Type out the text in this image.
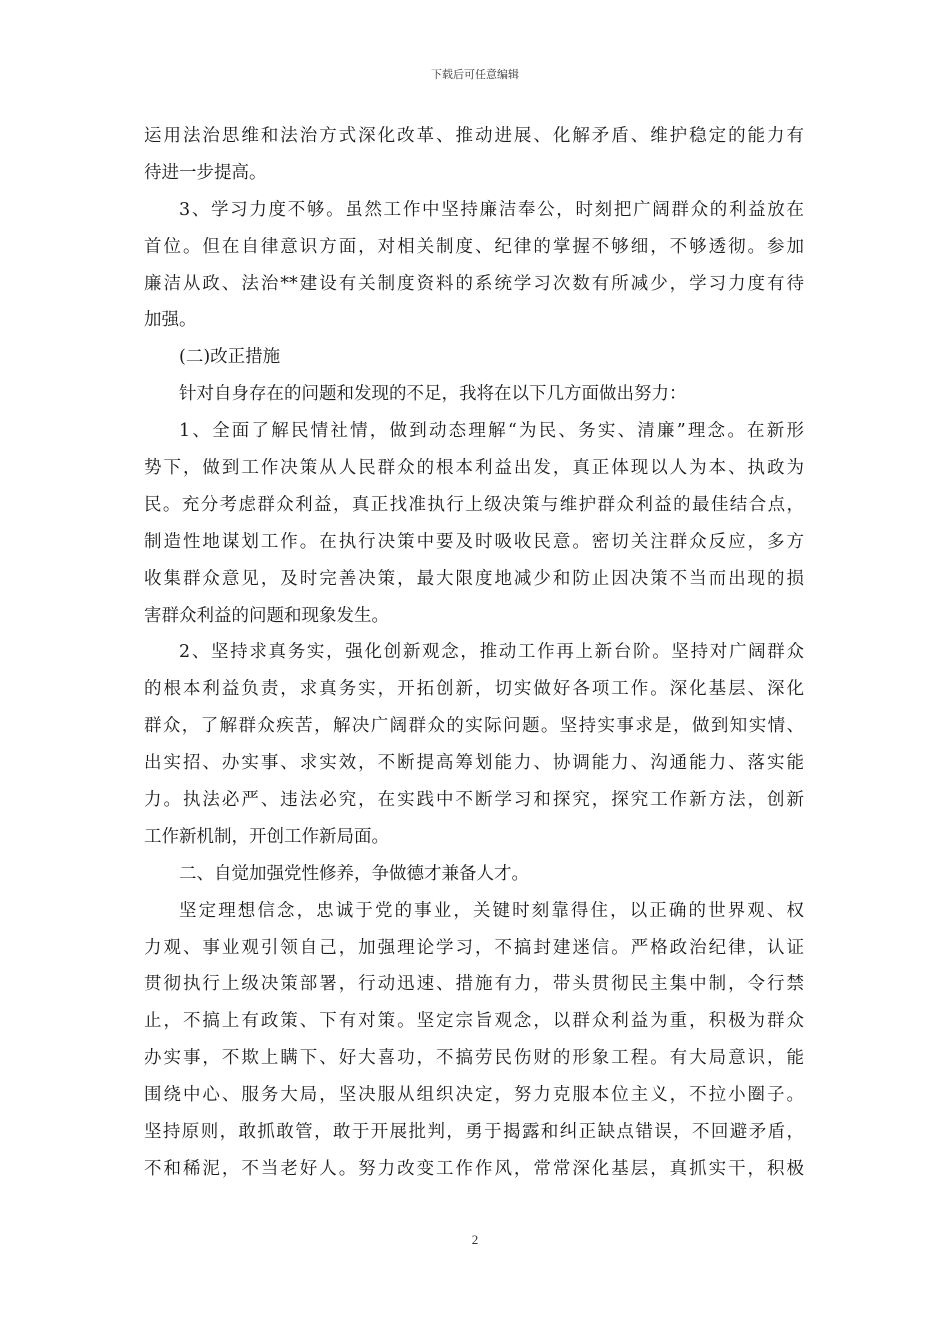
下载后可任意编辑
运用法治思维和法治方式深化改革、推动进展、化解矛盾、维护稳定的能力有
待进一步提高。
3、学习力度不够。虽然工作中坚持廉洁奉公，时刻把广阔群众的利益放在
首位。但在自律意识方面，对相关制度、纪律的掌握不够细，不够透彻。参加
廉洁从政、法治**建设有关制度资料的系统学习次数有所减少，学习力度有待
加强。
(二)改正措施
针对自身存在的问题和发现的不足，我将在以下几方面做出努力：
1、全面了解民情社情，做到动态理解“为民、务实、清廉”理念。在新形
势下，做到工作决策从人民群众的根本利益出发，真正体现以人为本、执政为
民。充分考虑群众利益，真正找准执行上级决策与维护群众利益的最佳结合点，
制造性地谋划工作。在执行决策中要及时吸收民意。密切关注群众反应，多方
收集群众意见，及时完善决策，最大限度地减少和防止因决策不当而出现的损
害群众利益的问题和现象发生。
2、坚持求真务实，强化创新观念，推动工作再上新台阶。坚持对广阔群众
的根本利益负责，求真务实，开拓创新，切实做好各项工作。深化基层、深化
群众，了解群众疾苦，解决广阔群众的实际问题。坚持实事求是，做到知实情、
出实招、办实事、求实效，不断提高筹划能力、协调能力、沟通能力、落实能
力。执法必严、违法必究，在实践中不断学习和探究，探究工作新方法，创新
工作新机制，开创工作新局面。
二、自觉加强党性修养，争做德才兼备人才。
坚定理想信念，忠诚于党的事业，关键时刻靠得住，以正确的世界观、权
力观、事业观引领自己，加强理论学习，不搞封建迷信。严格政治纪律，认证
贯彻执行上级决策部署，行动迅速、措施有力，带头贯彻民主集中制，令行禁
止，不搞上有政策、下有对策。坚定宗旨观念，以群众利益为重，积极为群众
办实事，不欺上瞒下、好大喜功，不搞劳民伤财的形象工程。有大局意识，能
围绕中心、服务大局，坚决服从组织决定，努力克服本位主义，不拉小圈子。
坚持原则，敢抓敢管，敢于开展批判，勇于揭露和纠正缺点错误，不回避矛盾，
不和稀泥，不当老好人。努力改变工作作风，常常深化基层，真抓实干，积极
2
